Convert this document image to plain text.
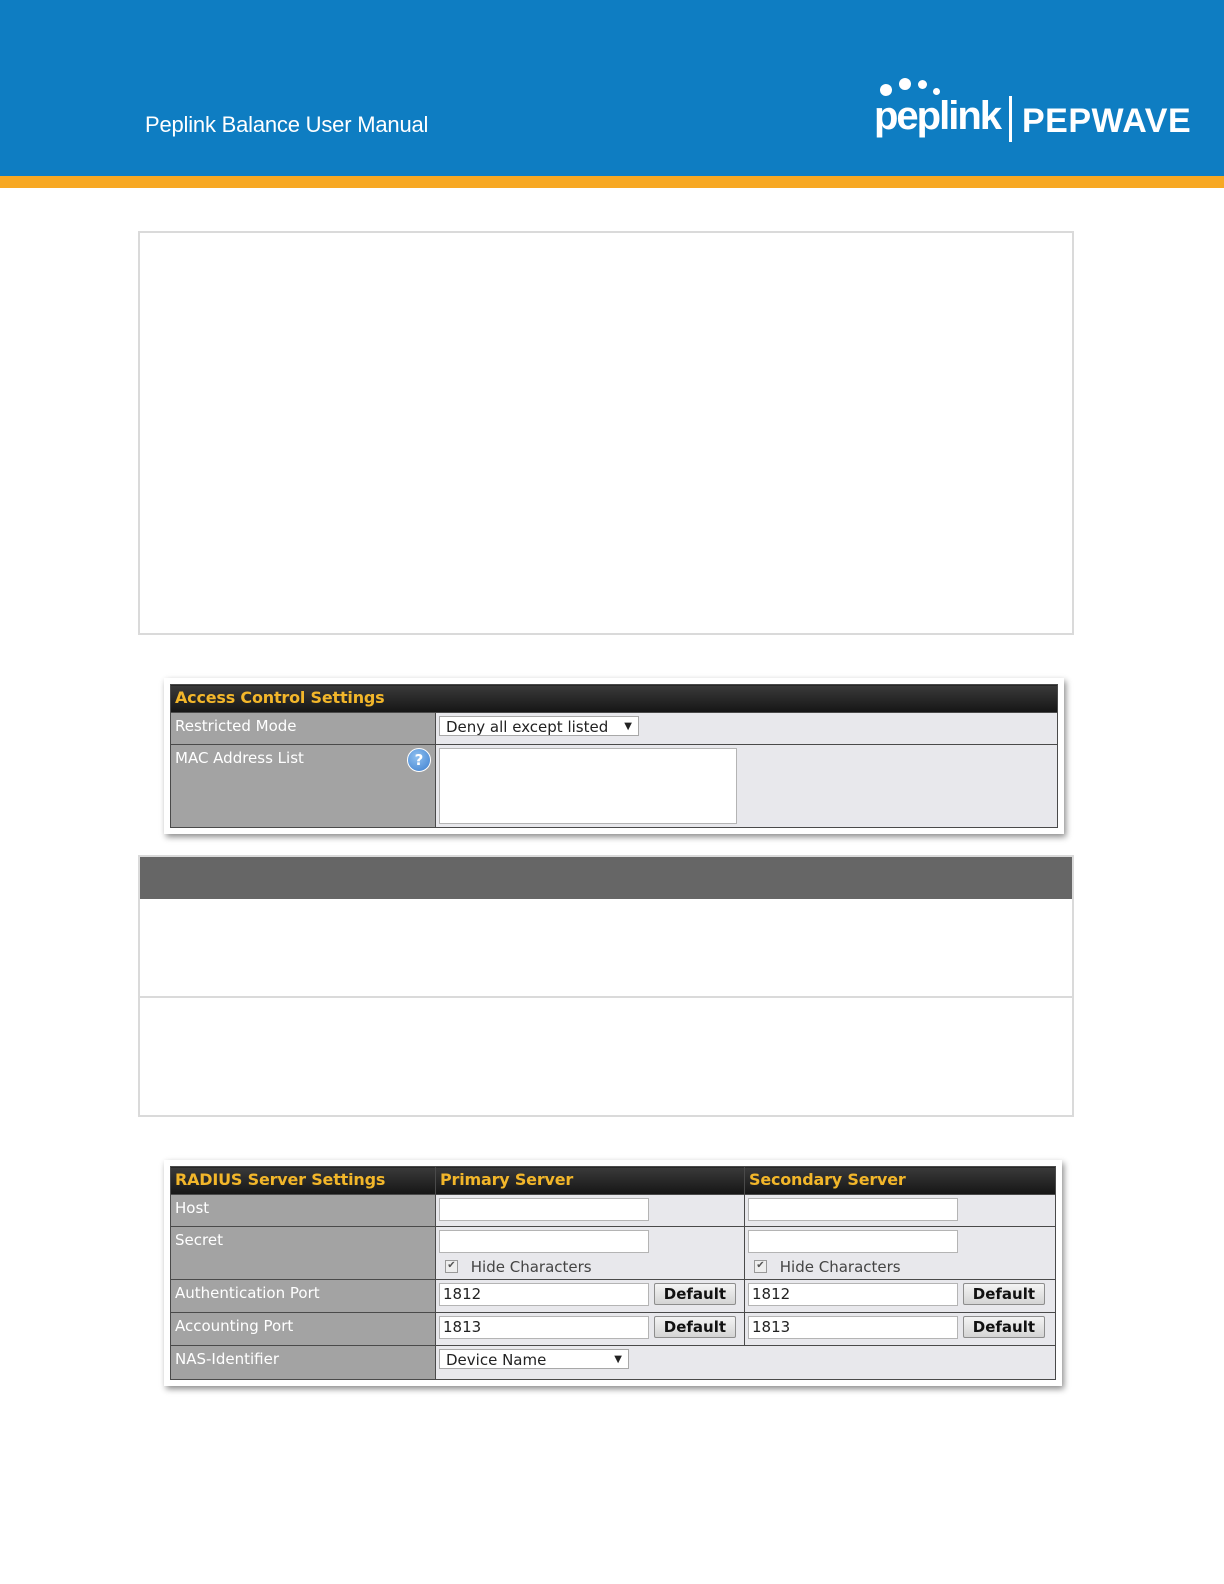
Peplink Balance User Manual	peplink PEPWAVE
Access Control Settings	
Restricted Mode	Deny all except listed ▼

MAC Address List ?	

RADIUS Server Settings	Primary Server	Secondary Server
Host	

Secret	✔ Hide Characters	✔ Hide Characters

Authentication Port	1812 Default	1812 Default
Accounting Port	1813 Default	1813 Default
NAS-Identifier	Device Name ▼	
